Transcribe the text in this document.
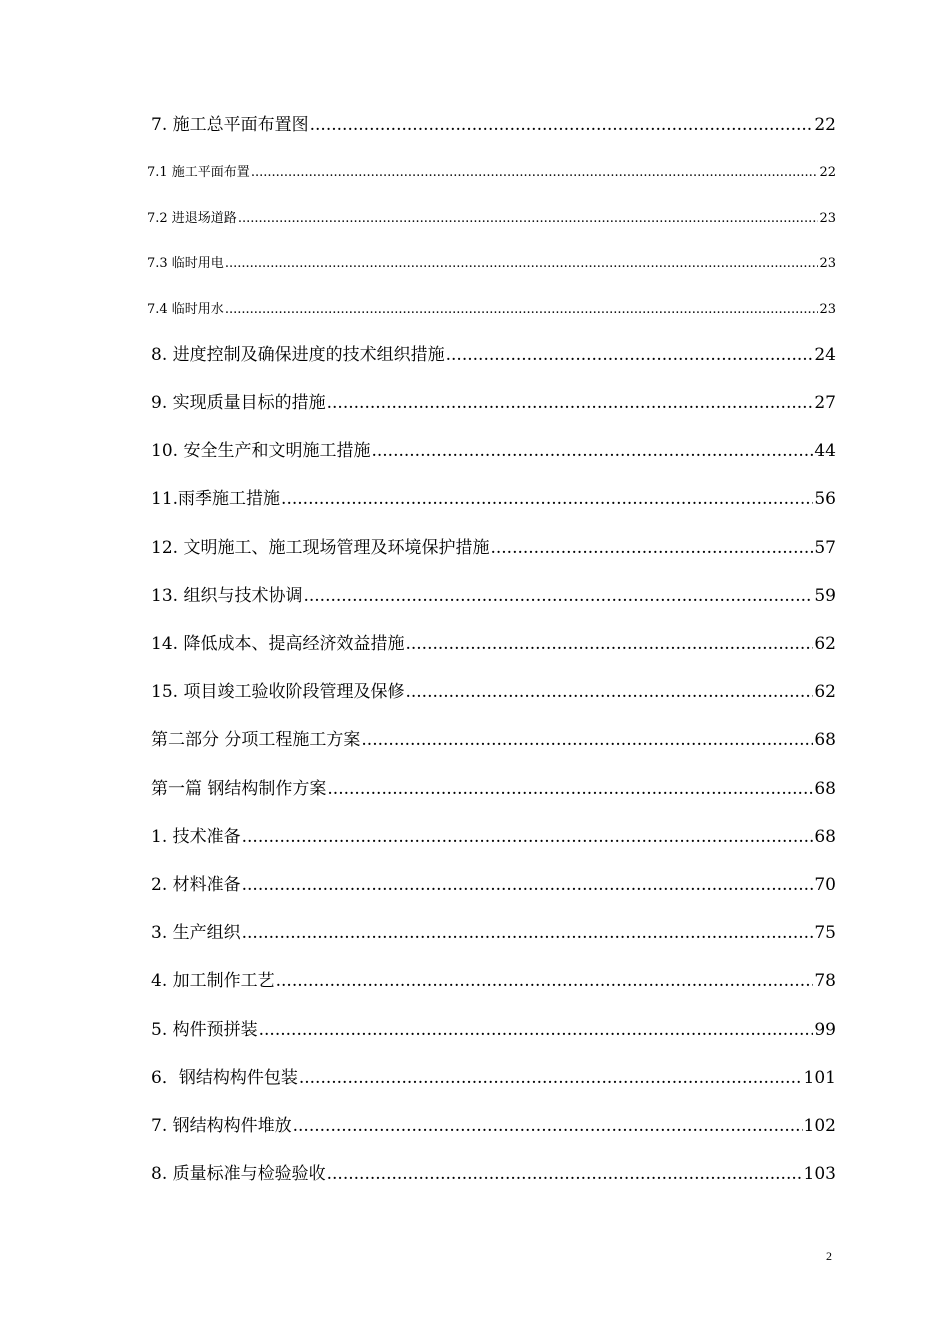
7. 施工总平面布置图 .....	22
7.1 施工平面布置 .....	22
7.2 进退场道路 .....	23
7.3 临时用电 .....	23
7.4 临时用水 .....	23
8. 进度控制及确保进度的技术组织措施 .....	24
9. 实现质量目标的措施 .....	27
10. 安全生产和文明施工措施 .....	44
11.雨季施工措施 .....	56
12. 文明施工、施工现场管理及环境保护措施 .....	57
13. 组织与技术协调 .....	59
14. 降低成本、提高经济效益措施 .....	62
15. 项目竣工验收阶段管理及保修 .....	62
第二部分 分项工程施工方案 .....	68
第一篇 钢结构制作方案 .....	68
1. 技术准备 .....	68
2. 材料准备 .....	70
3. 生产组织 .....	75
4. 加工制作工艺 .....	78
5. 构件预拼装 .....	99
6．钢结构构件包装 .....	101
7. 钢结构构件堆放 .....	102
8. 质量标准与检验验收 .....	103
2
